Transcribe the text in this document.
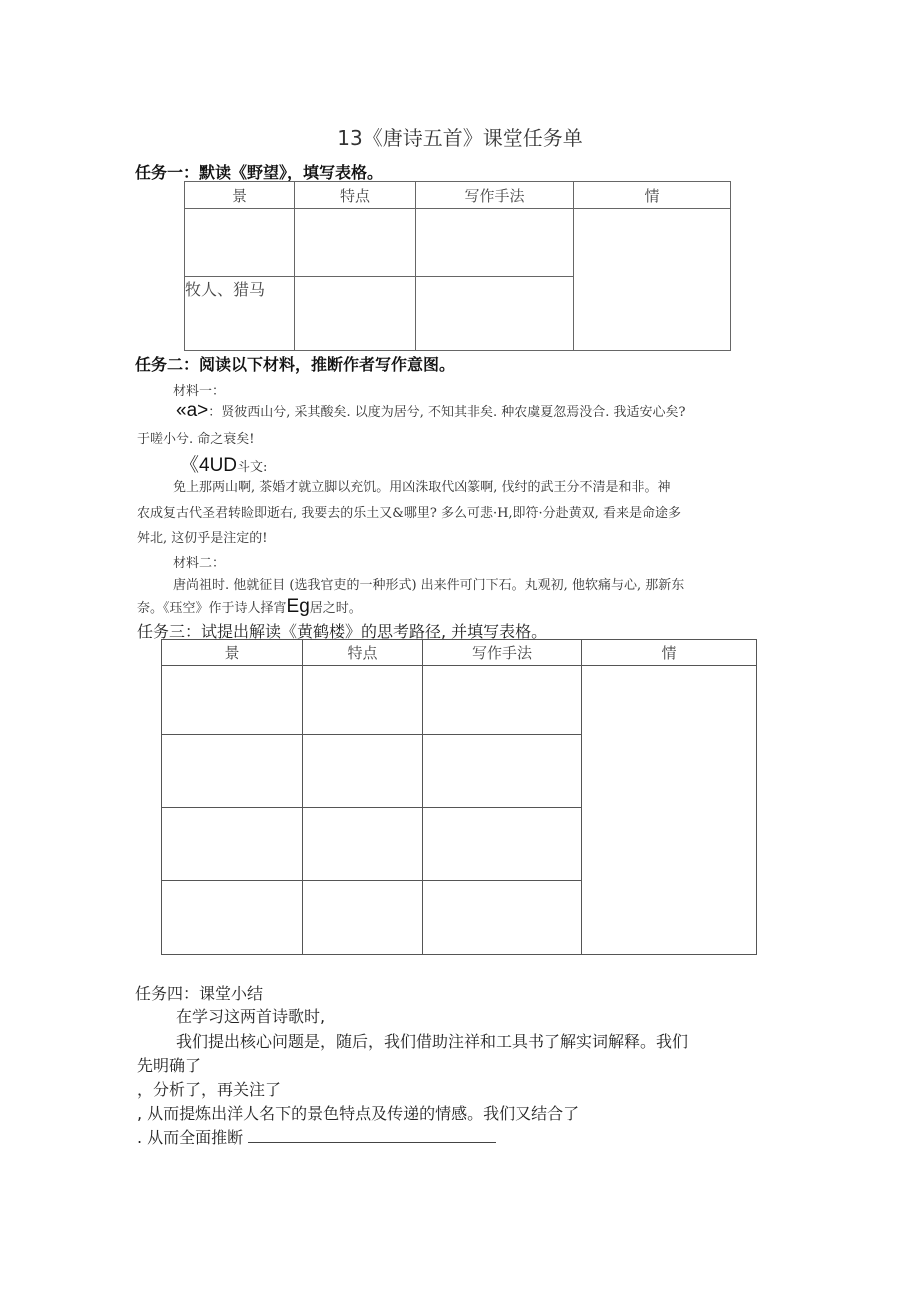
13《唐诗五首》课堂任务单
任务一：默读《野望》，填写表格。
景	特点	写作手法	情

牧人、猎马			
任务二：阅读以下材料，推断作者写作意图。
材料一：
«a>：贤彼西山兮, 采其酸矣. 以度为居兮, 不知其非矣. 种农虞夏忽焉没合. 我适安心矣?
于嗟小兮. 命之衰矣!
《4UD斗文:
免上那两山啊, 茶婚才就立脚以充饥。用凶洙取代凶篆啊, 伐纣的武王分不清是和非。神
农成复古代圣君转睑即逝右, 我要去的乐土又&哪里? 多么可悲·H,即符·分赴黄双, 看来是命途多
舛北, 这仞乎是注定的!
材料二：
唐尚祖时. 他就征目 (选我官吏的一种形式) 出来件可门下石。丸观初, 他软痛与心, 那新东
奈。《珏空》作于诗人择宵Eg居之时。
任务三：试提出解读《黄鹤楼》的思考路径, 并填写表格。
景	特点	写作手法	情

任务四：课堂小结
在学习这两首诗歌时,
我们提出核心问题是，随后，我们借助注祥和工具书了解实词解释。我们
先明确了
，分析了，再关注了
, 从而提炼出洋人名下的景色特点及传递的情感。我们又结合了
. 从而全面推断
